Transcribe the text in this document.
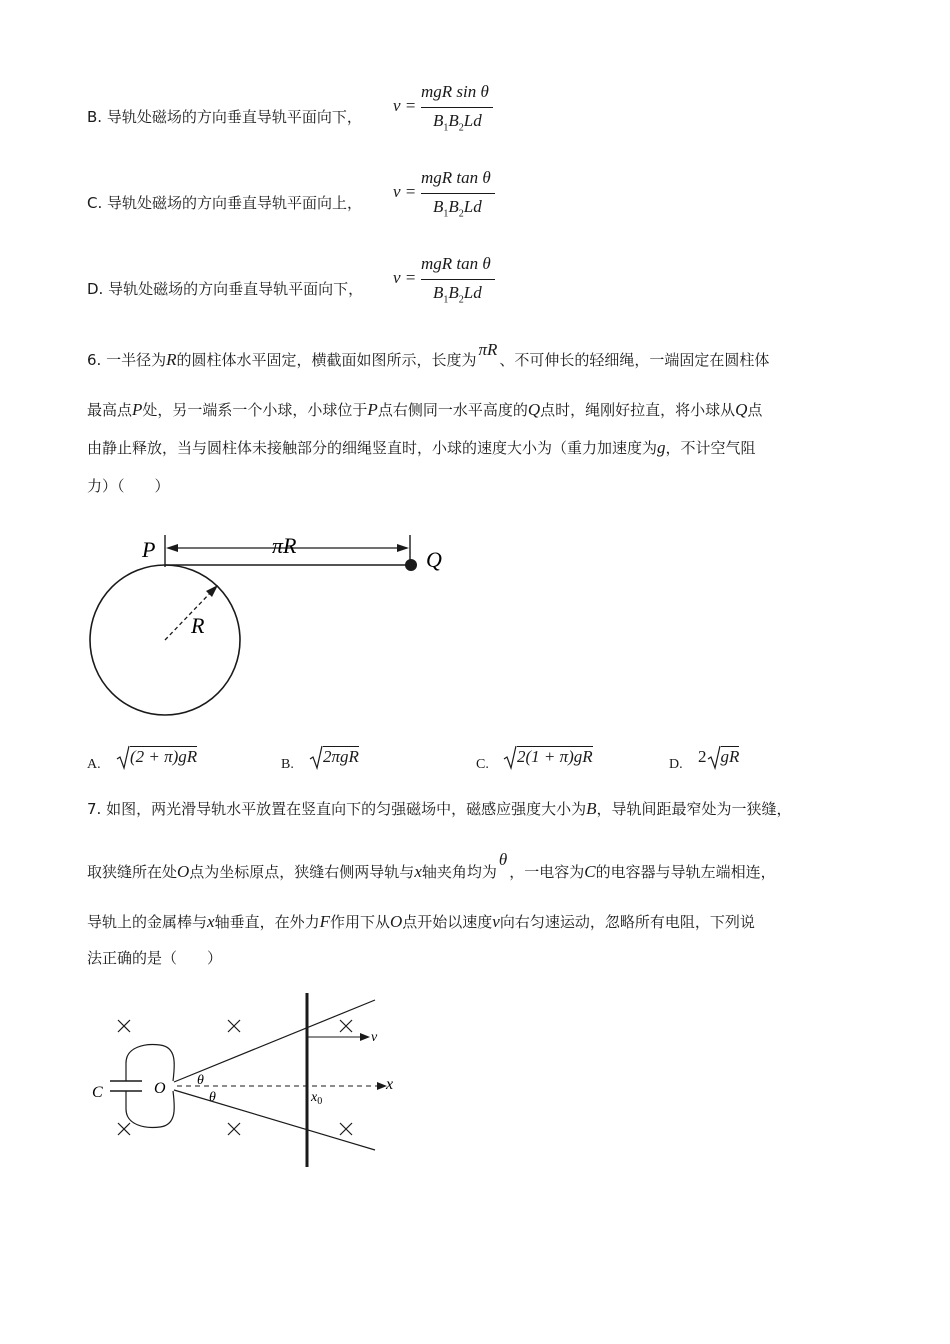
B. 导轨处磁场的方向垂直导轨平面向下，
v =
mgR sin θ
$B_1B_2Ld$
C. 导轨处磁场的方向垂直导轨平面向上，
v =
mgR tan θ
$B_1B_2Ld$
D. 导轨处磁场的方向垂直导轨平面向下，
v =
mgR tan θ
$B_1B_2Ld$
6. 一半径为R的圆柱体水平固定，横截面如图所示，长度为πR、不可伸长的轻细绳，一端固定在圆柱体
最高点P处，另一端系一个小球，小球位于P点右侧同一水平高度的Q点时，绳刚好拉直，将小球从Q点
由静止释放，当与圆柱体未接触部分的细绳竖直时，小球的速度大小为（重力加速度为g，不计空气阻
力）（　　）
P	πR
Q
R
A.	(2 + π)gR	B.	2πgR	C.	2(1 + π)gR	D. 2 gR
7. 如图，两光滑导轨水平放置在竖直向下的匀强磁场中，磁感应强度大小为B，导轨间距最窄处为一狭缝，
取狭缝所在处O点为坐标原点，狭缝右侧两导轨与x轴夹角均为θ，一电容为C的电容器与导轨左端相连，
导轨上的金属棒与x轴垂直，在外力F作用下从O点开始以速度v向右匀速运动，忽略所有电阻，下列说
法正确的是（　　）
C	O θ
θ	$x_0$
x
v
